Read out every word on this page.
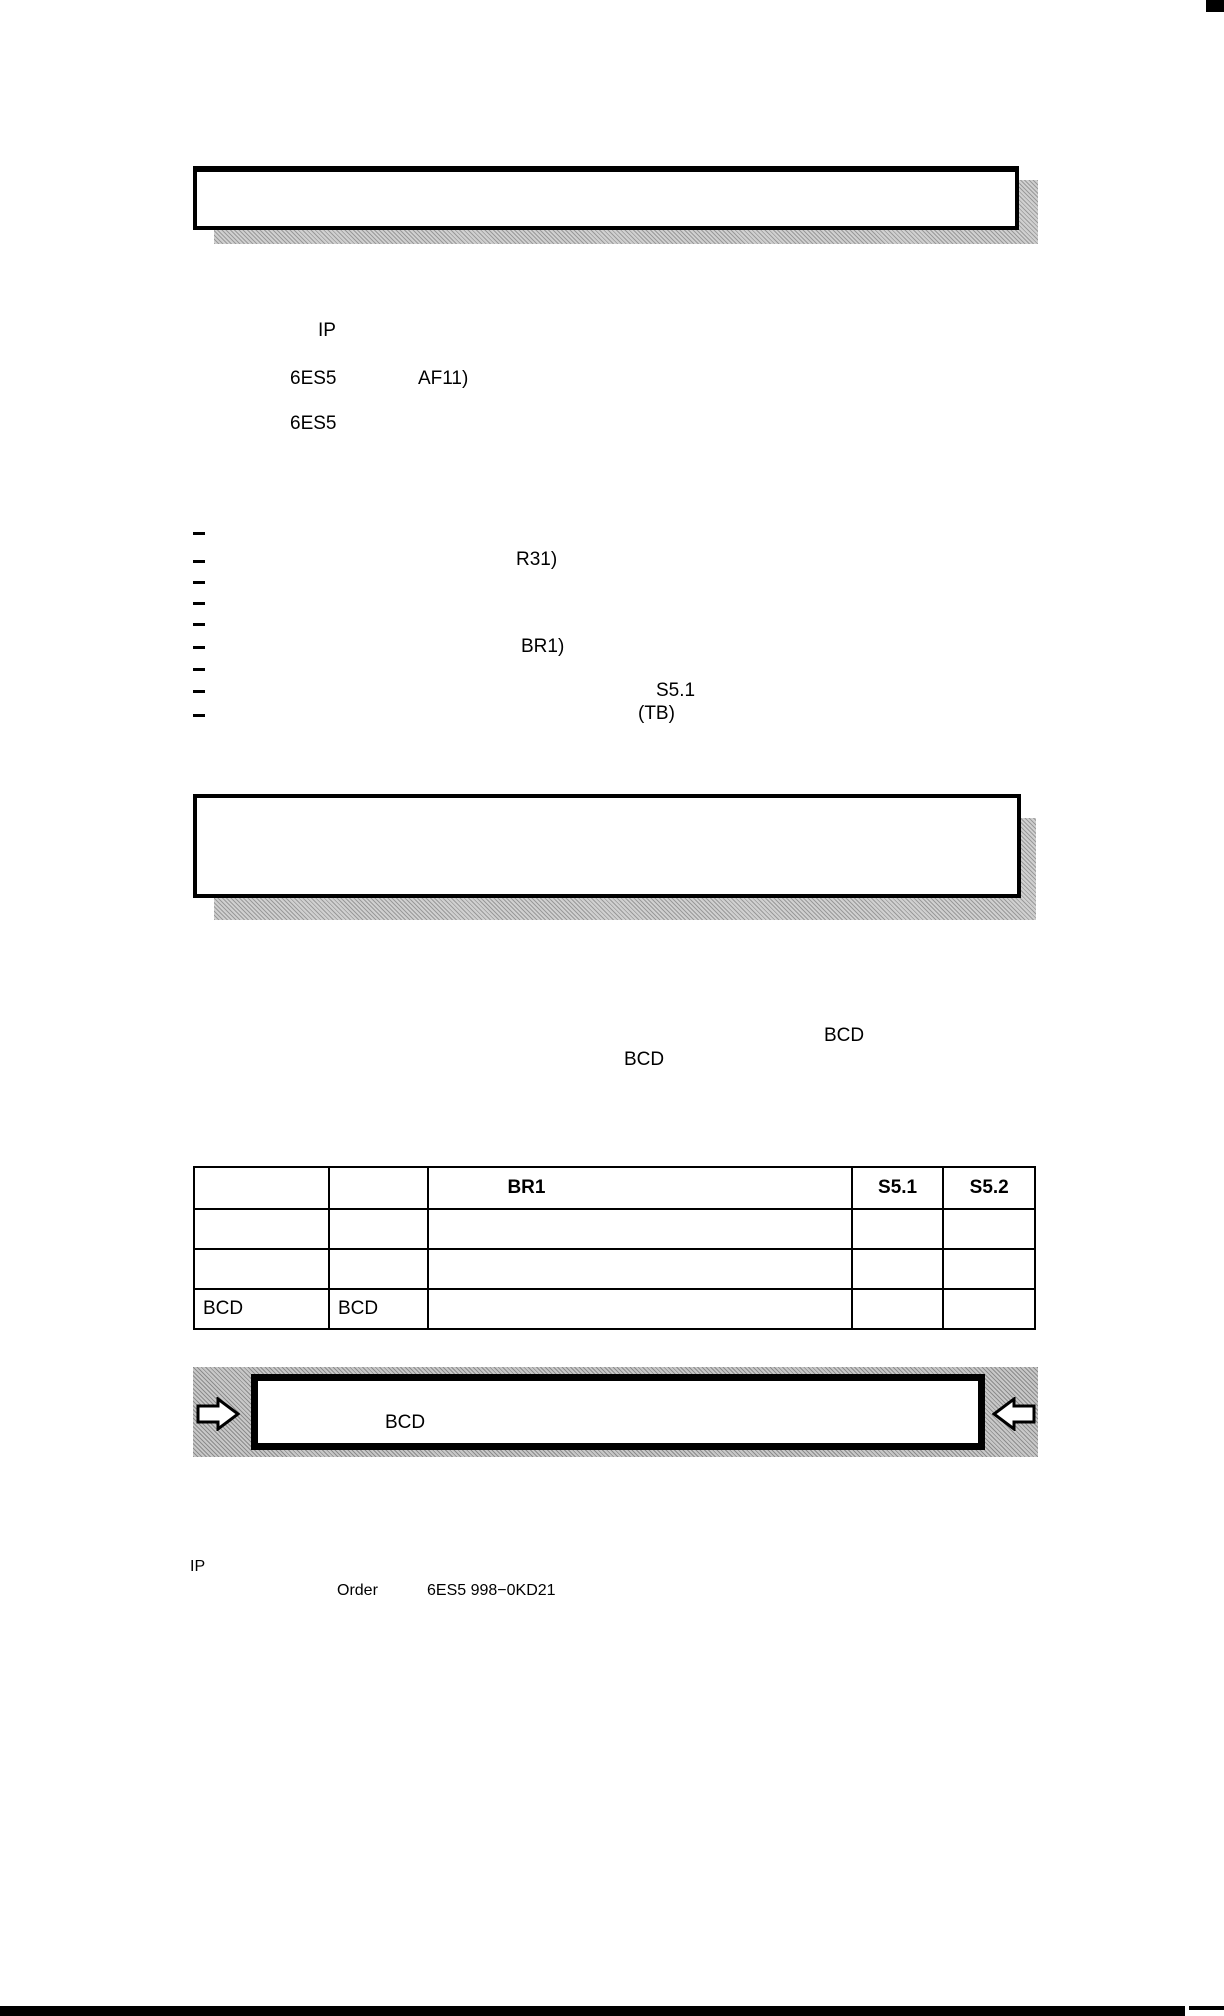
IP
6ES5	AF11)
6ES5
R31)
BR1)
S5.1
(TB)
BCD
BCD
		BR1	S5.1	S5.2

BCD	BCD			
BCD
IP
Order	6ES5 998−0KD21
